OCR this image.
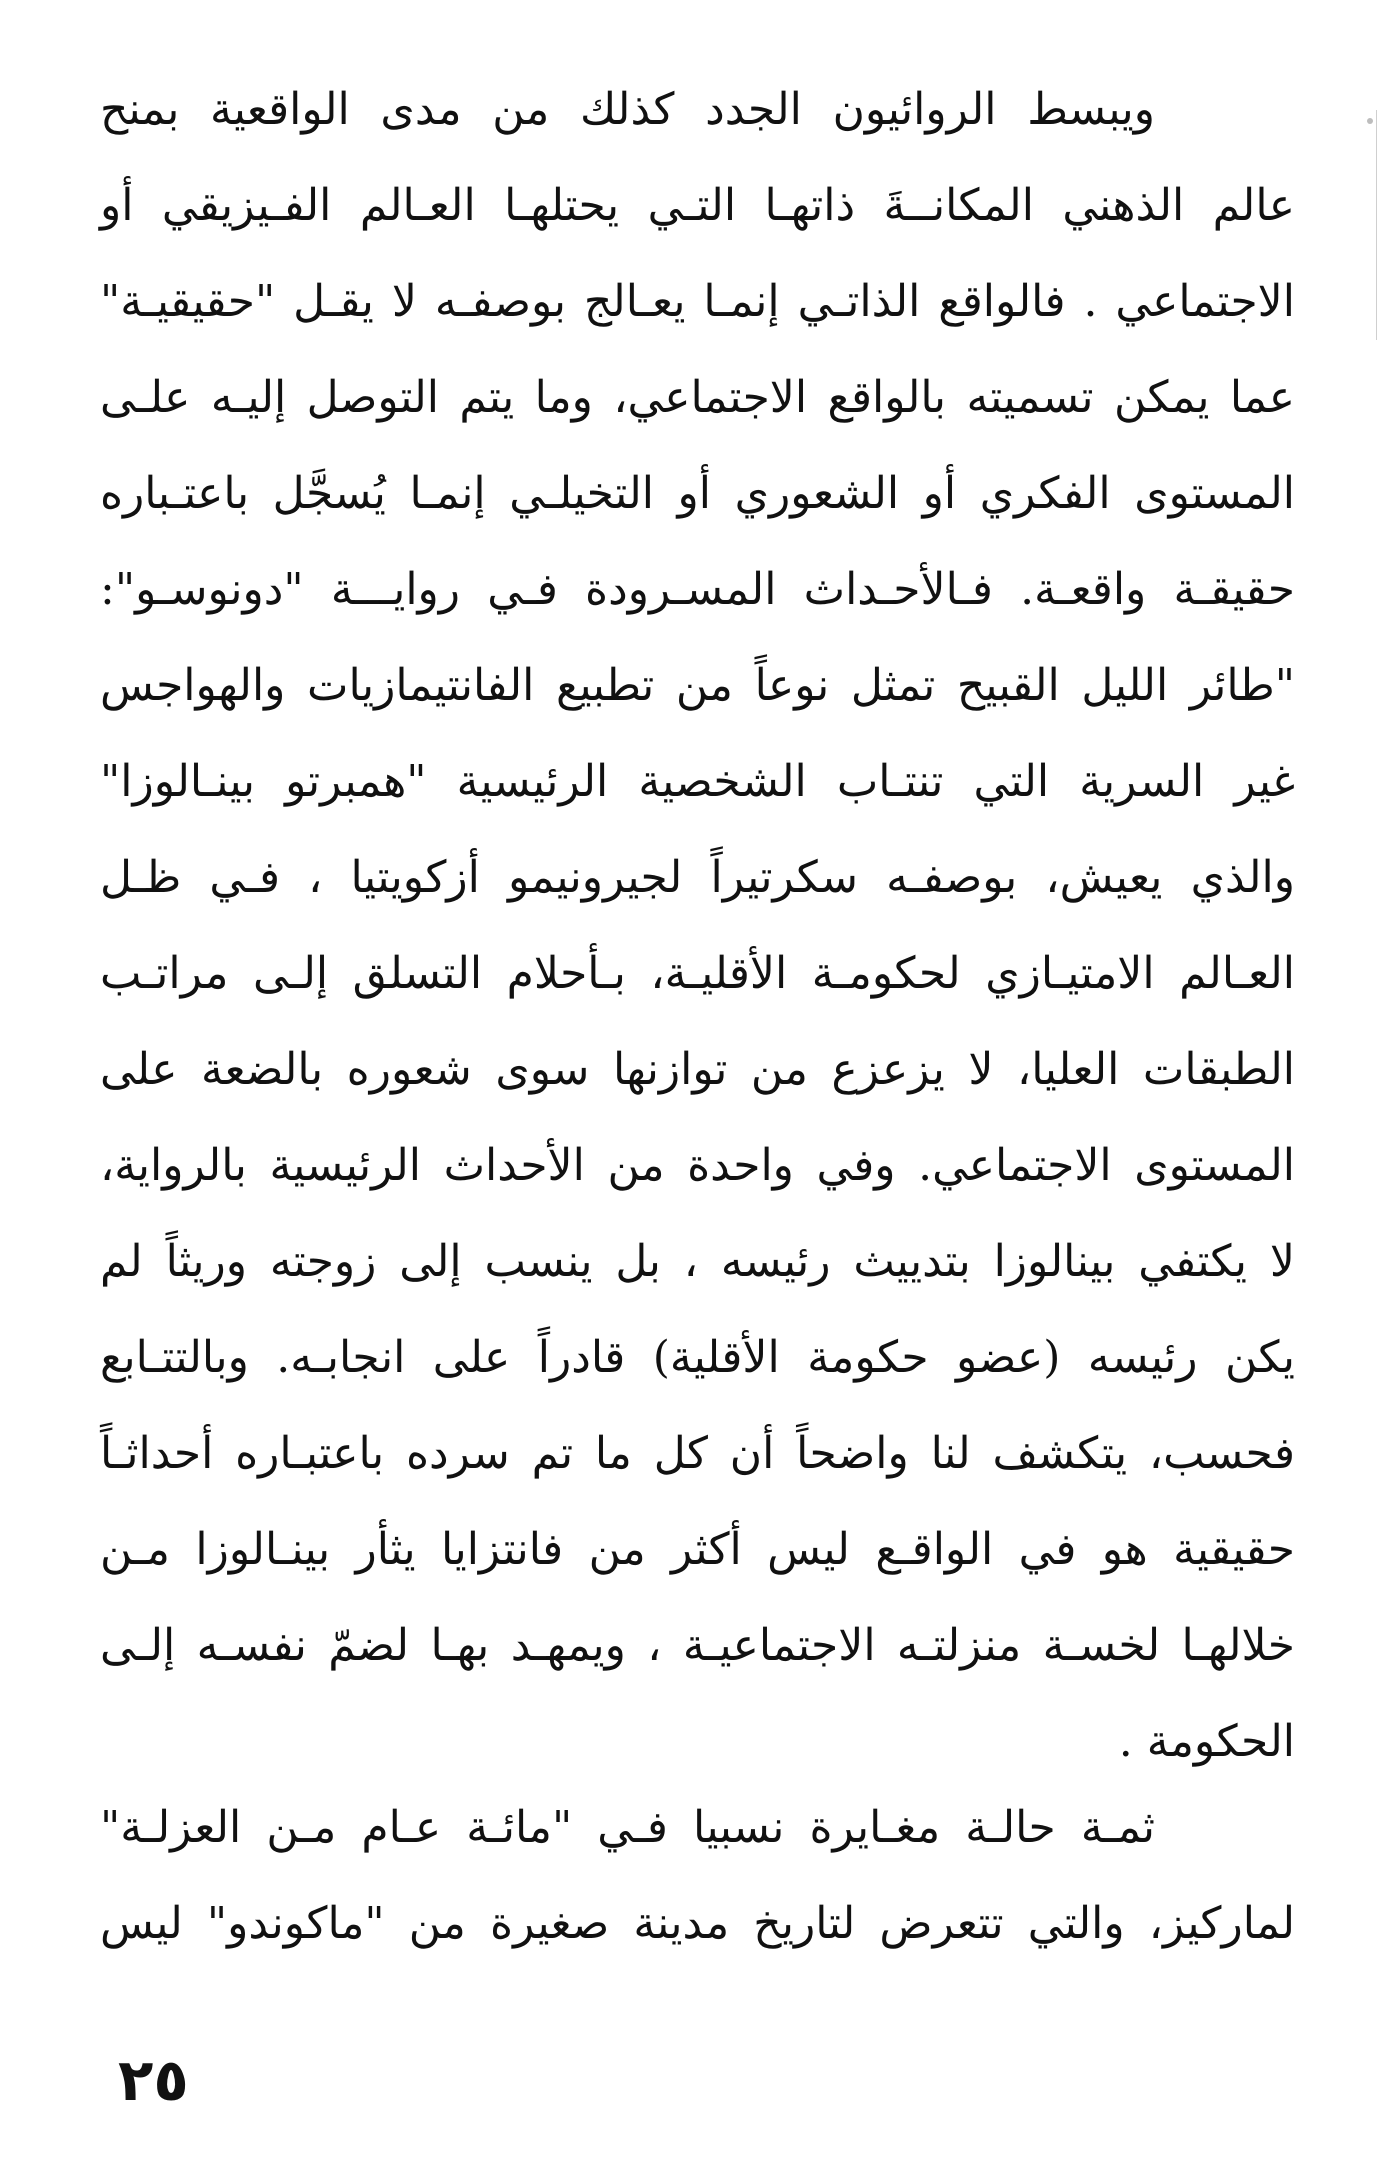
ويبسط الروائيون الجدد كذلك من مدى الواقعية بمنح
عالم الذهني المكانــةَ ذاتهـا التـي يحتلهـا العـالم الفـيزيقي أو
الاجتماعي . فالواقع الذاتـي إنمـا يعـالج بوصفـه لا يقـل "حقيقيـة"
عما يمكن تسميته بالواقع الاجتماعي، وما يتم التوصل إليـه علـى
المستوى الفكري أو الشعوري أو التخيلـي إنمـا يُسجَّل باعتـباره
حقيقـة واقعـة. فـالأحـداث المسـرودة فـي روايـــة "دونوسـو":
"طائر الليل القبيح تمثل نوعاً من تطبيع الفانتيمازيات والهواجس
غير السرية التي تنتـاب الشخصية الرئيسية "همبرتو بينـالوزا"
والذي يعيش، بوصفـه سكرتيراً لجيرونيمو أزكويتيا ، فـي ظـل
العـالم الامتيـازي لحكومـة الأقليـة، بـأحلام التسلق إلـى مراتـب
الطبقات العليا، لا يزعزع من توازنها سوى شعوره بالضعة على
المستوى الاجتماعي. وفي واحدة من الأحداث الرئيسية بالرواية،
لا يكتفي بينالوزا بتدييث رئيسه ، بل ينسب إلى زوجته وريثاً لم
يكن رئيسه (عضو حكومة الأقلية) قادراً على انجابـه. وبالتتـابع
فحسب، يتكشف لنا واضحاً أن كل ما تم سرده باعتبـاره أحداثـاً
حقيقية هو في الواقـع ليس أكثر من فانتزايا يثأر بينـالوزا مـن
خلالهـا لخسـة منزلتـه الاجتماعيـة ، ويمهـد بهـا لضمّ نفسـه إلـى
الحكومة .
ثمـة حالـة مغـايرة نسبيا فـي "مائـة عـام مـن العزلـة"
لماركيز، والتي تتعرض لتاريخ مدينة صغيرة من "ماكوندو" ليس
٢٥
